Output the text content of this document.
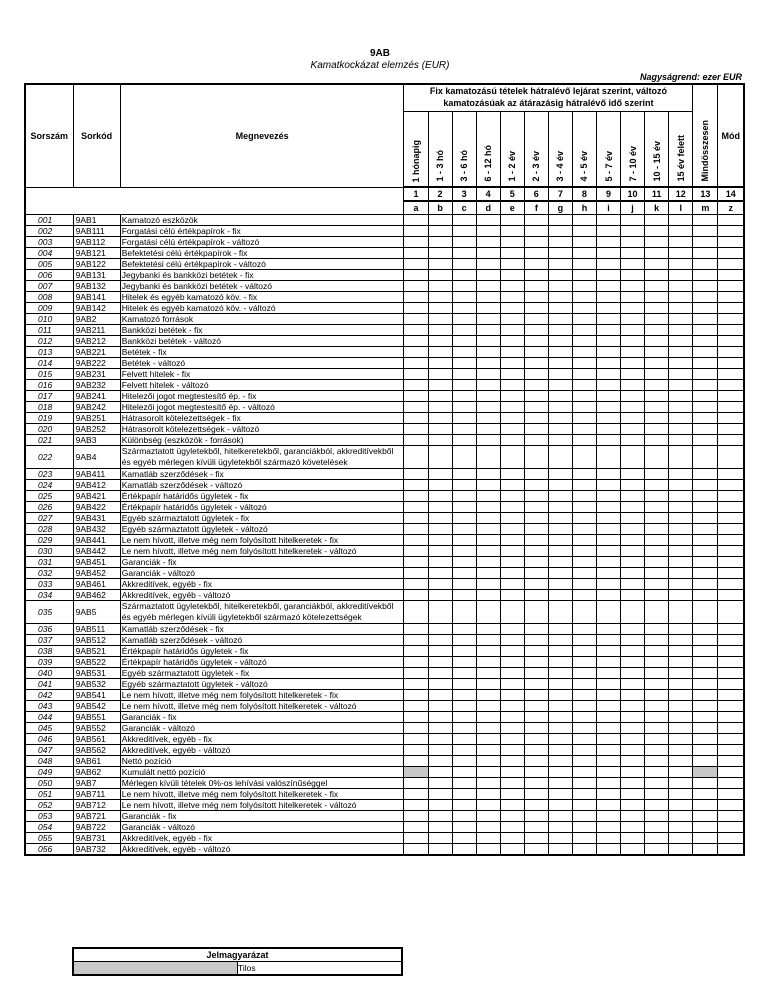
9AB
Kamatkockázat elemzés (EUR)
Nagyságrend: ezer EUR
Sorszám	Sorkód	Megnevezés	Fix kamatozású tételek hátralévő lejárat szerint, változó kamatozásúak az átárazásig hátralévő idő szerint												Mindösszesen	Mód

			1 hónapig	1 - 3 hó	3 - 6 hó	6 - 12 hó	1 - 2 év	2 - 3 év	3 - 4 év	4 - 5 év	5 - 7 év	7 - 10 év	10 - 15 év	15 év felett		

			1	2	3	4	5	6	7	8	9	10	11	12	13	14
			a	b	c	d	e	f	g	h	i	j	k	l	m	z
001	9AB1	Kamatozó eszközök														
002	9AB111	Forgatási célú értékpapírok - fix														
003	9AB112	Forgatási célú értékpapírok - változó														
004	9AB121	Befektetési célú értékpapírok - fix														
005	9AB122	Befektetési célú értékpapírok - változó														
006	9AB131	Jegybanki és bankközi betétek - fix														
007	9AB132	Jegybanki és bankközi betétek - változó														
008	9AB141	Hitelek és egyéb kamatozó köv. - fix														
009	9AB142	Hitelek és egyéb kamatozó köv. - változó														
010	9AB2	Kamatozó források														
011	9AB211	Bankközi betétek - fix														
012	9AB212	Bankközi betétek - változó														
013	9AB221	Betétek - fix														
014	9AB222	Betétek - változó														
015	9AB231	Felvett hitelek - fix														
016	9AB232	Felvett hitelek - változó														
017	9AB241	Hitelezői jogot megtestesítő ép. - fix														
018	9AB242	Hitelezői jogot megtestesítő ép. - változó														
019	9AB251	Hátrasorolt kötelezettségek - fix														
020	9AB252	Hátrasorolt kötelezettségek - változó														
021	9AB3	Különbség (eszközök - források)														
022	9AB4	Származtatott ügyletekből, hitelkeretekből, garanciákból, akkreditívekből és egyéb mérlegen kívüli ügyletekből származó követelések														
023	9AB411	Kamatláb szerződések - fix														
024	9AB412	Kamatláb szerződések - változó														
025	9AB421	Értékpapír határidős ügyletek - fix														
026	9AB422	Értékpapír határidős ügyletek - változó														
027	9AB431	Egyéb származtatott ügyletek - fix														
028	9AB432	Egyéb származtatott ügyletek - változó														
029	9AB441	Le nem hívott, illetve még nem folyósított hitelkeretek - fix														
030	9AB442	Le nem hívott, illetve még nem folyósított hitelkeretek - változó														
031	9AB451	Garanciák - fix														
032	9AB452	Garanciák - változó														
033	9AB461	Akkreditívek, egyéb - fix														
034	9AB462	Akkreditívek, egyéb - változó														
035	9AB5	Származtatott ügyletekből, hitelkeretekből, garanciákból, akkreditívekből és egyéb mérlegen kívüli ügyletekből származó kötelezettségek														
036	9AB511	Kamatláb szerződések - fix														
037	9AB512	Kamatláb szerződések - változó														
038	9AB521	Értékpapír határidős ügyletek - fix														
039	9AB522	Értékpapír határidős ügyletek - változó														
040	9AB531	Egyéb származtatott ügyletek - fix														
041	9AB532	Egyéb származtatott ügyletek - változó														
042	9AB541	Le nem hívott, illetve még nem folyósított hitelkeretek - fix														
043	9AB542	Le nem hívott, illetve még nem folyósított hitelkeretek - változó														
044	9AB551	Garanciák - fix														
045	9AB552	Garanciák - változó														
046	9AB561	Akkreditívek, egyéb - fix														
047	9AB562	Akkreditívek, egyéb - változó														
048	9AB61	Nettó pozíció														
049	9AB62	Kumulált nettó pozíció														
050	9AB7	Mérlegen kívüli tételek 0%-os lehívási valószínűséggel														
051	9AB711	Le nem hívott, illetve még nem folyósított hitelkeretek - fix														
052	9AB712	Le nem hívott, illetve még nem folyósított hitelkeretek - változó														
053	9AB721	Garanciák - fix														
054	9AB722	Garanciák - változó														
055	9AB731	Akkreditívek, egyéb - fix														
056	9AB732	Akkreditívek, egyéb - változó														
Jelmagyarázat
	Tilos
